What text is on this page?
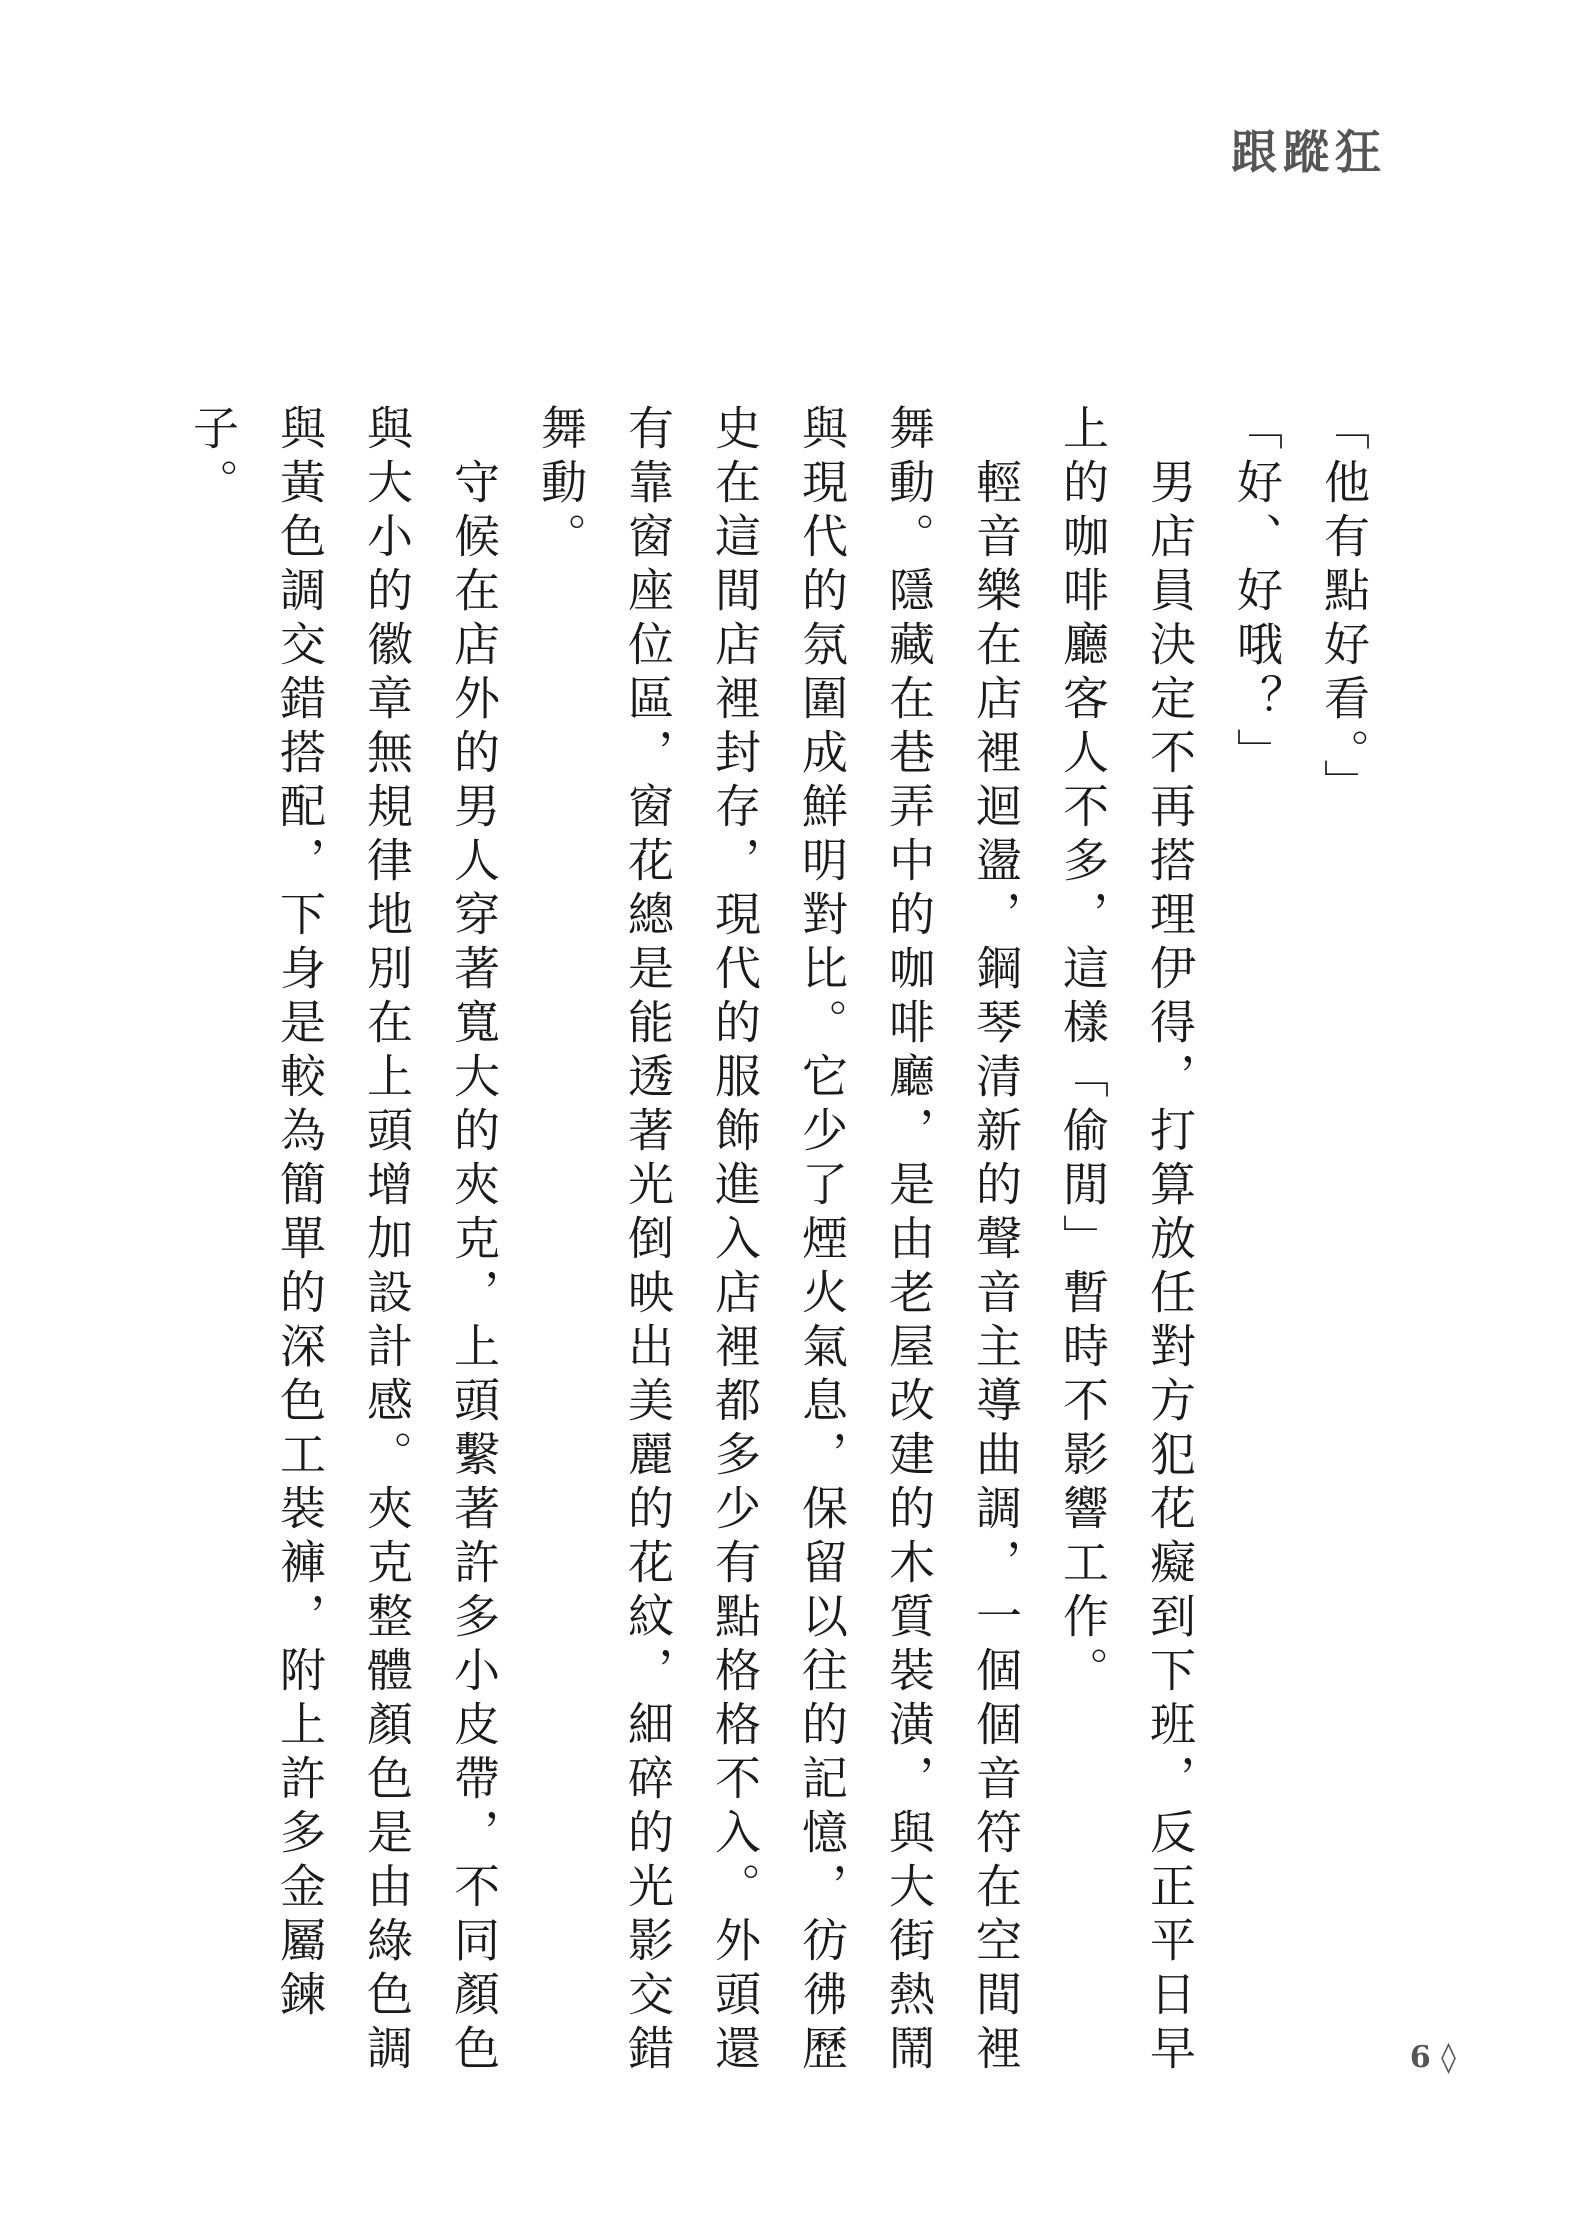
跟蹤狂

「他有點好看。」

「好、好哦？」

　男店員決定不再搭理伊得，打算放任對方犯花癡到下班，反正平日早上的咖啡廳客人不多，這樣「偷閒」暫時不影響工作。

　輕音樂在店裡迴盪，鋼琴清新的聲音主導曲調，一個個音符在空間裡舞動。隱藏在巷弄中的咖啡廳，是由老屋改建的木質裝潢，與大街熱鬧與現代的氛圍成鮮明對比。它少了煙火氣息，保留以往的記憶，彷彿歷史在這間店裡封存，現代的服飾進入店裡都多少有點格格不入。外頭還有靠窗座位區，窗花總是能透著光倒映出美麗的花紋，細碎的光影交錯舞動。

　守候在店外的男人穿著寬大的夾克，上頭繫著許多小皮帶，不同顏色與大小的徽章無規律地別在上頭增加設計感。夾克整體顏色是由綠色調與黃色調交錯搭配，下身是較為簡單的深色工裝褲，附上許多金屬鍊子。

6 ◊
